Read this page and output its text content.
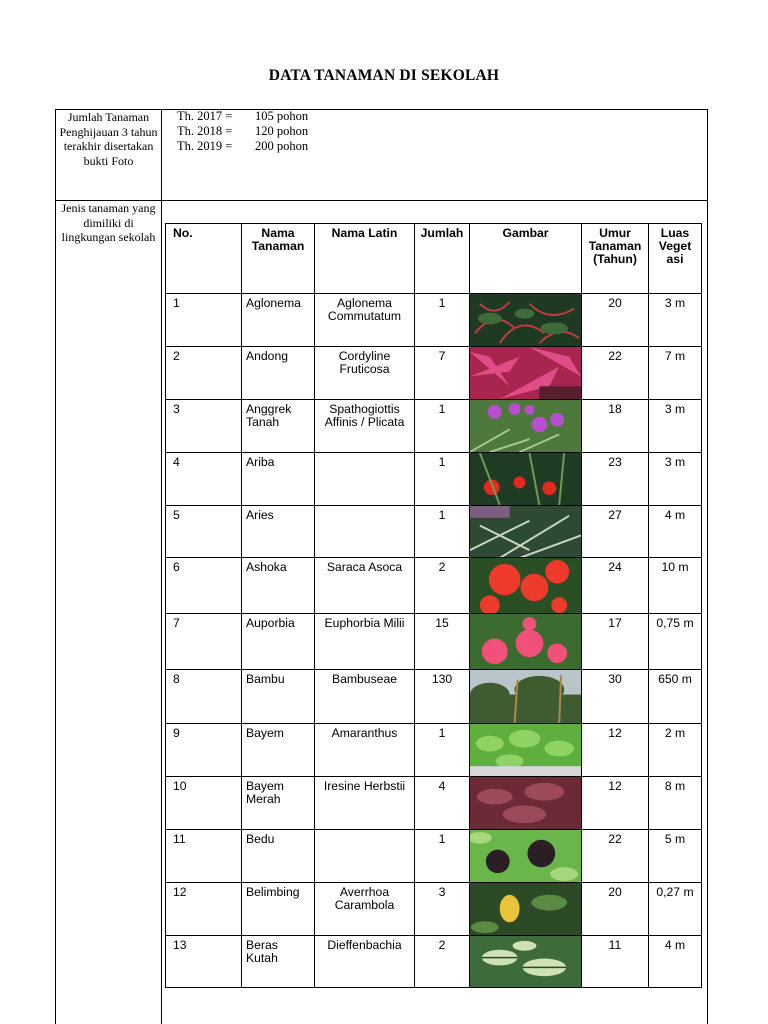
DATA TANAMAN DI SEKOLAH
Jumlah Tanaman Penghijauan 3 tahun terakhir disertakan bukti Foto
Th. 2017 =	105 pohon
Th. 2018 =	120 pohon
Th. 2019 =	200 pohon
Jenis tanaman yang dimiliki di lingkungan sekolah	No.	Nama Tanaman	Nama Latin	Jumlah	Gambar	Umur Tanaman (Tahun)	Luas Veget asi
1	Aglonema	Aglonema Commutatum	1		20	3 m
2	Andong	Cordyline Fruticosa	7		22	7 m
3	Anggrek Tanah	Spathogiottis Affinis / Plicata	1		18	3 m
4	Ariba		1		23	3 m
5	Aries		1		27	4 m
6	Ashoka	Saraca Asoca	2		24	10 m
7	Auporbia	Euphorbia Milii	15		17	0,75 m
8	Bambu	Bambuseae	130		30	650 m
9	Bayem	Amaranthus	1		12	2 m
10	Bayem Merah	Iresine Herbstii	4		12	8 m
11	Bedu		1		22	5 m
12	Belimbing	Averrhoa Carambola	3		20	0,27 m
13	Beras Kutah	Dieffenbachia	2		11	4 m
